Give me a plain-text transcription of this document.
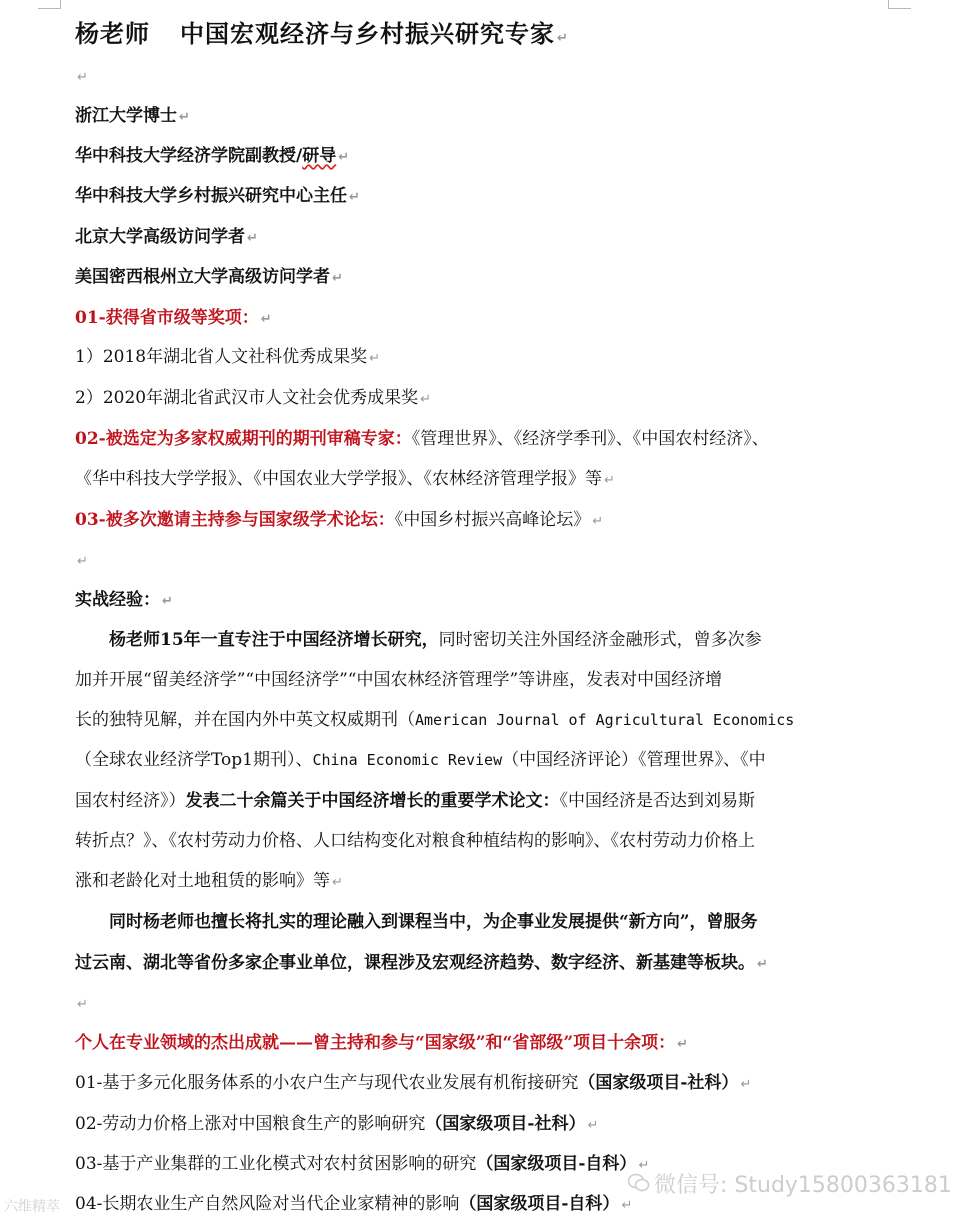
杨老师 中国宏观经济与乡村振兴研究专家 ↵
↵
浙江大学博士 ↵
华中科技大学经济学院副教授/研导 ↵
华中科技大学乡村振兴研究中心主任 ↵
北京大学高级访问学者 ↵
美国密西根州立大学高级访问学者 ↵
01-获得省市级等奖项： ↵
1）2018年湖北省人文社科优秀成果奖 ↵
2）2020年湖北省武汉市人文社会优秀成果奖 ↵
02-被选定为多家权威期刊的期刊审稿专家：《管理世界》、《经济学季刊》、《中国农村经济》、
《华中科技大学学报》、《中国农业大学学报》、《农林经济管理学报》等 ↵
03-被多次邀请主持参与国家级学术论坛：《中国乡村振兴高峰论坛》 ↵
↵
实战经验： ↵
杨老师15年一直专注于中国经济增长研究，同时密切关注外国经济金融形式，曾多次参
加并开展“留美经济学”“中国经济学”“中国农林经济管理学”等讲座，发表对中国经济增
长的独特见解，并在国内外中英文权威期刊（American Journal of Agricultural Economics
（全球农业经济学Top1期刊）、China Economic Review（中国经济评论）《管理世界》、《中
国农村经济》）发表二十余篇关于中国经济增长的重要学术论文：《中国经济是否达到刘易斯
转折点？》、《农村劳动力价格、人口结构变化对粮食种植结构的影响》、《农村劳动力价格上
涨和老龄化对土地租赁的影响》等 ↵
同时杨老师也擅长将扎实的理论融入到课程当中，为企事业发展提供“新方向”，曾服务
过云南、湖北等省份多家企事业单位，课程涉及宏观经济趋势、数字经济、新基建等板块。 ↵
↵
个人在专业领域的杰出成就——曾主持和参与“国家级”和“省部级”项目十余项： ↵
01-基于多元化服务体系的小农户生产与现代农业发展有机衔接研究（国家级项目-社科） ↵
02-劳动力价格上涨对中国粮食生产的影响研究（国家级项目-社科） ↵
03-基于产业集群的工业化模式对农村贫困影响的研究（国家级项目-自科） ↵
04-长期农业生产自然风险对当代企业家精神的影响（国家级项目-自科） ↵
六维精萃
微信号: Study15800363181
